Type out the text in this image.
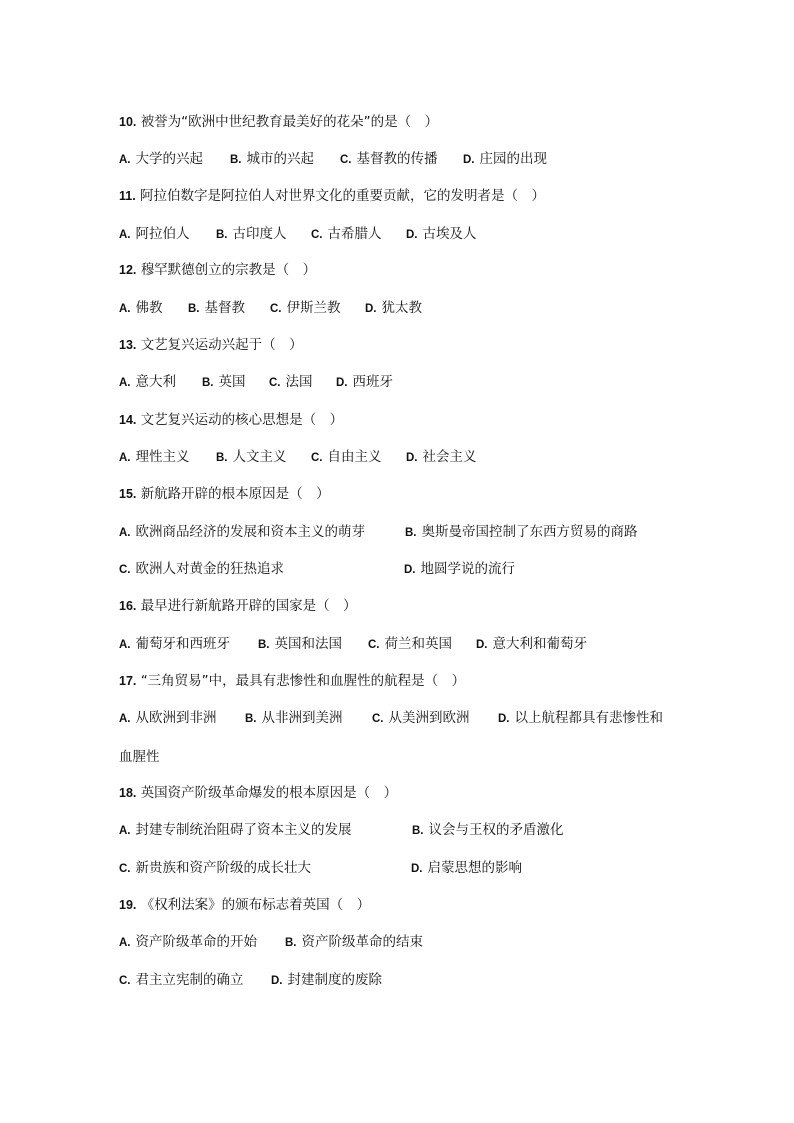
10. 被誉为“欧洲中世纪教育最美好的花朵”的是（　）
A. 大学的兴起 B. 城市的兴起 C. 基督教的传播 D. 庄园的出现
11. 阿拉伯数字是阿拉伯人对世界文化的重要贡献，它的发明者是（　）
A. 阿拉伯人 B. 古印度人 C. 古希腊人 D. 古埃及人
12. 穆罕默德创立的宗教是（　）
A. 佛教 B. 基督教 C. 伊斯兰教 D. 犹太教
13. 文艺复兴运动兴起于（　）
A. 意大利 B. 英国 C. 法国 D. 西班牙
14. 文艺复兴运动的核心思想是（　）
A. 理性主义 B. 人文主义 C. 自由主义 D. 社会主义
15. 新航路开辟的根本原因是（　）
A. 欧洲商品经济的发展和资本主义的萌芽	B. 奥斯曼帝国控制了东西方贸易的商路
C. 欧洲人对黄金的狂热追求	D. 地圆学说的流行
16. 最早进行新航路开辟的国家是（　）
A. 葡萄牙和西班牙 B. 英国和法国 C. 荷兰和英国 D. 意大利和葡萄牙
17. “三角贸易”中，最具有悲惨性和血腥性的航程是（　）
A. 从欧洲到非洲 B. 从非洲到美洲	C. 从美洲到欧洲 D. 以上航程都具有悲惨性和
血腥性
18. 英国资产阶级革命爆发的根本原因是（　）
A. 封建专制统治阻碍了资本主义的发展	B. 议会与王权的矛盾激化
C. 新贵族和资产阶级的成长壮大	D. 启蒙思想的影响
19. 《权利法案》的颁布标志着英国（　）
A. 资产阶级革命的开始 B. 资产阶级革命的结束
C. 君主立宪制的确立 D. 封建制度的废除
